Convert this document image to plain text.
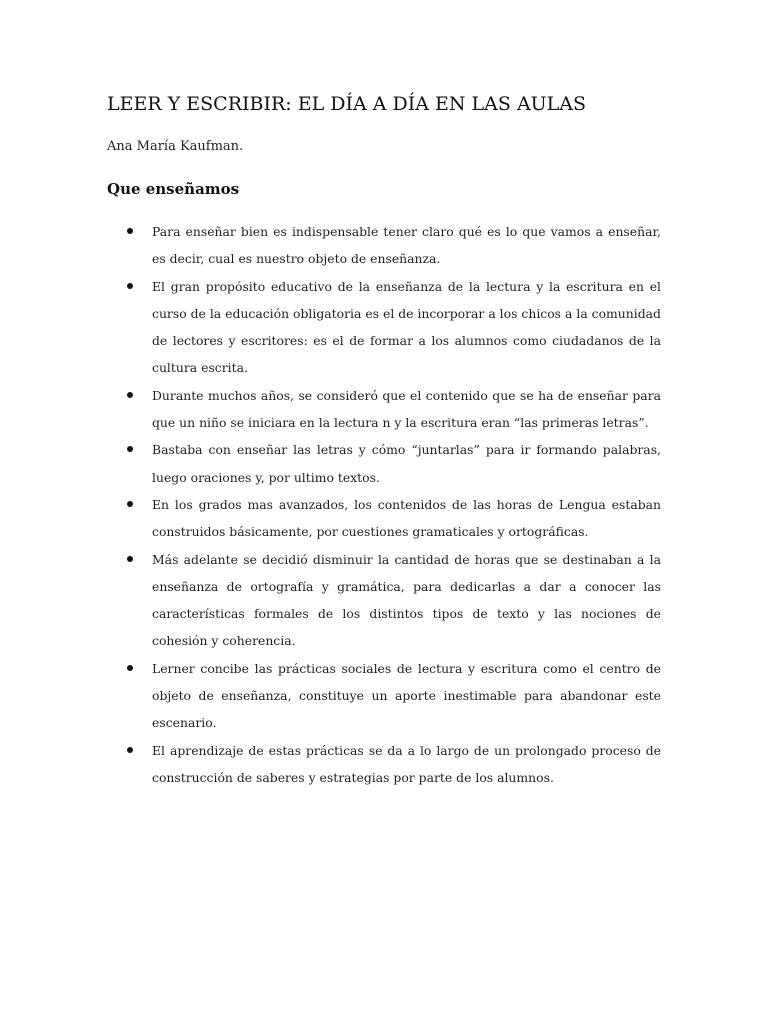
LEER Y ESCRIBIR: EL DÍA A DÍA EN LAS AULAS

Ana María Kaufman.

Que enseñamos
Para enseñar bien es indispensable tener claro qué es lo que vamos a enseñar, es decir, cual es nuestro objeto de enseñanza.
El gran propósito educativo de la enseñanza de la lectura y la escritura en el curso de la educación obligatoria es el de incorporar a los chicos a la comunidad de lectores y escritores: es el de formar a los alumnos como ciudadanos de la cultura escrita.
Durante muchos años, se consideró que el contenido que se ha de enseñar para que un niño se iniciara en la lectura n y la escritura eran “las primeras letras”.
Bastaba con enseñar las letras y cómo “juntarlas” para ir formando palabras, luego oraciones y, por ultimo textos.
En los grados mas avanzados, los contenidos de las horas de Lengua estaban construidos básicamente, por cuestiones gramaticales y ortográficas.
Más adelante se decidió disminuir la cantidad de horas que se destinaban a la enseñanza de ortografía y gramática, para dedicarlas a dar a conocer las características formales de los distintos tipos de texto y las nociones de cohesión y coherencia.
Lerner concibe las prácticas sociales de lectura y escritura como el centro de objeto de enseñanza, constituye un aporte inestimable para abandonar este escenario.
El aprendizaje de estas prácticas se da a lo largo de un prolongado proceso de construcción de saberes y estrategias por parte de los alumnos.
